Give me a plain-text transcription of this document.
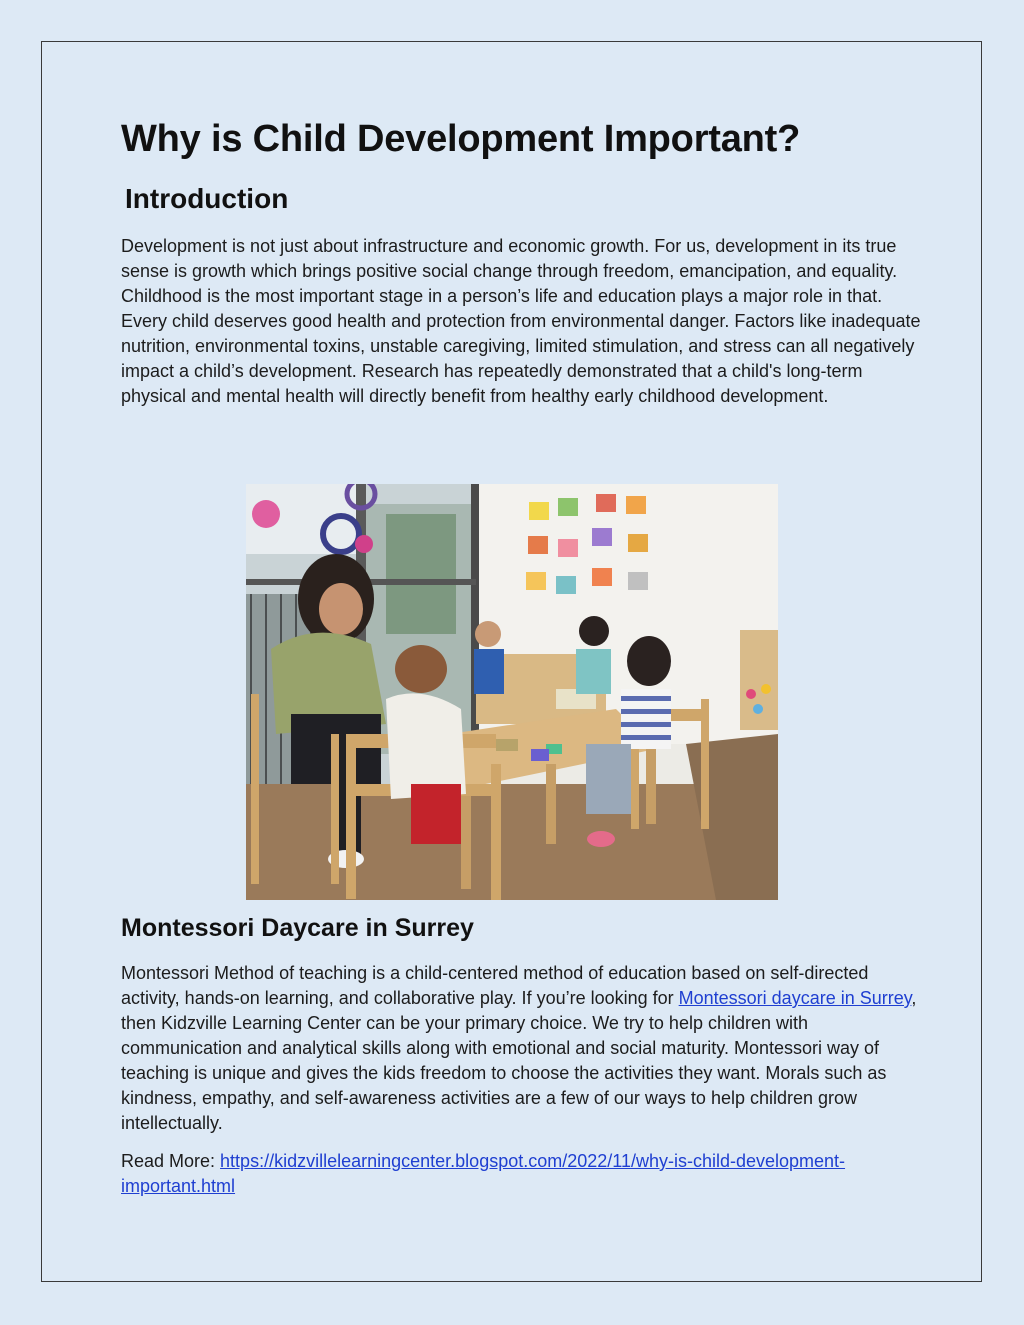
Why is Child Development Important?
Introduction

Development is not just about infrastructure and economic growth. For us, development in its true sense is growth which brings positive social change through freedom, emancipation, and equality. Childhood is the most important stage in a person’s life and education plays a major role in that. Every child deserves good health and protection from environmental danger. Factors like inadequate nutrition, environmental toxins, unstable caregiving, limited stimulation, and stress can all negatively impact a child’s development. Research has repeatedly demonstrated that a child's long-term physical and mental health will directly benefit from healthy early childhood development.

Montessori Daycare in Surrey

Montessori Method of teaching is a child-centered method of education based on self-directed activity, hands-on learning, and collaborative play. If you’re looking for Montessori daycare in Surrey, then Kidzville Learning Center can be your primary choice. We try to help children with communication and analytical skills along with emotional and social maturity. Montessori way of teaching is unique and gives the kids freedom to choose the activities they want. Morals such as kindness, empathy, and self-awareness activities are a few of our ways to help children grow intellectually.

Read More: https://kidzvillelearningcenter.blogspot.com/2022/11/why-is-child-development-important.html
